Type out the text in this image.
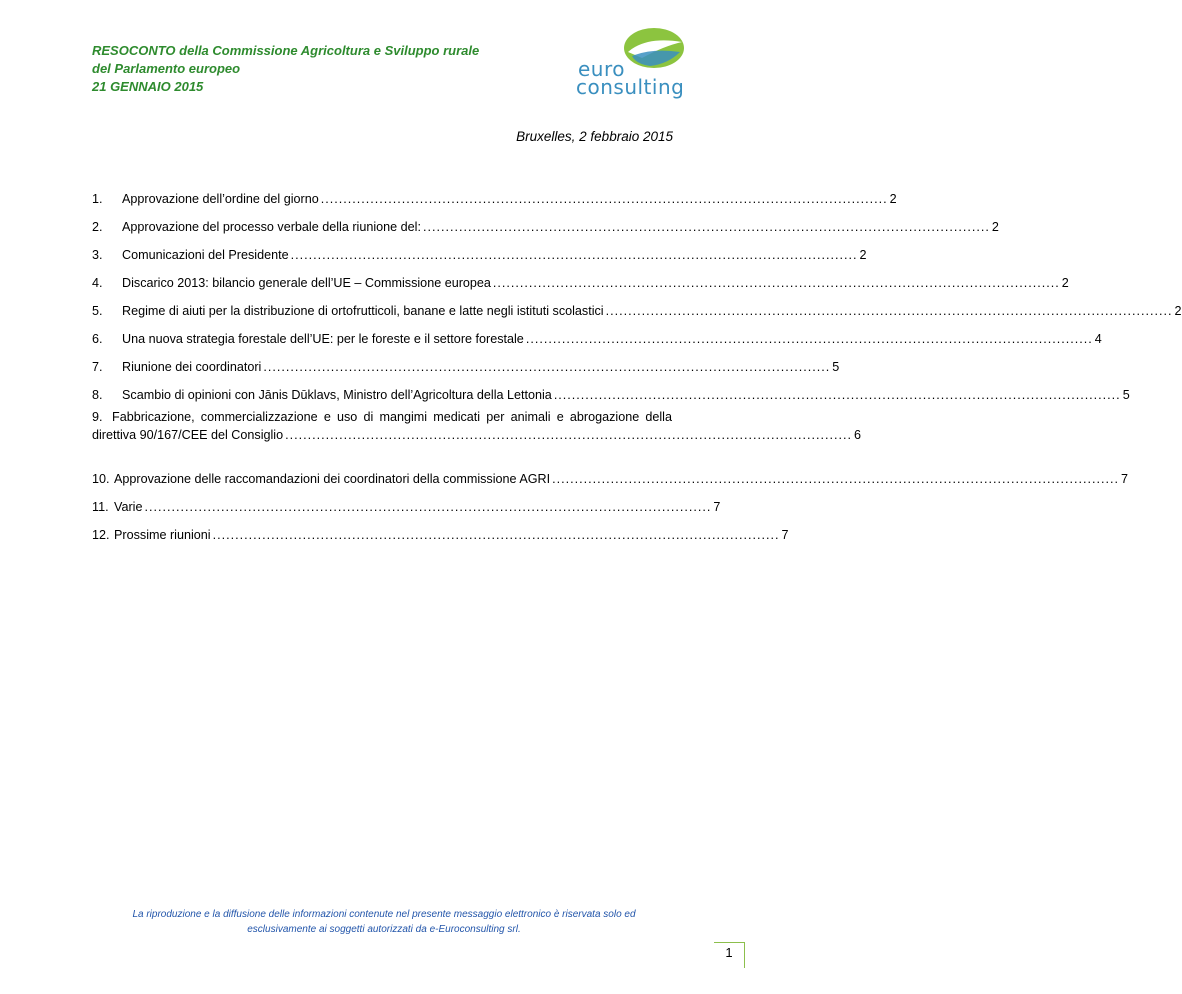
RESOCONTO della Commissione Agricoltura e Sviluppo rurale
del Parlamento europeo
21 GENNAIO 2015
euro
consulting
Bruxelles, 2 febbraio 2015
1.	Approvazione dell’ordine del giorno .............................................................................................................................. 2
2.	Approvazione del processo verbale della riunione del: .............................................................................................................................. 2
3.	Comunicazioni del Presidente .............................................................................................................................. 2
4.	Discarico 2013: bilancio generale dell’UE – Commissione europea .............................................................................................................................. 2
5.	Regime di aiuti per la distribuzione di ortofrutticoli, banane e latte negli istituti scolastici .............................................................................................................................. 2
6.	Una nuova strategia forestale dell’UE: per le foreste e il settore forestale .............................................................................................................................. 4
7.	Riunione dei coordinatori .............................................................................................................................. 5
8.	Scambio di opinioni con Jānis Dūklavs, Ministro dell’Agricoltura della Lettonia .............................................................................................................................. 5
9. Fabbricazione, commercializzazione e uso di mangimi medicati per animali e abrogazione della
direttiva 90/167/CEE del Consiglio .............................................................................................................................. 6
10. Approvazione delle raccomandazioni dei coordinatori della commissione AGRI .............................................................................................................................. 7
11. Varie .............................................................................................................................. 7
12. Prossime riunioni .............................................................................................................................. 7
La riproduzione e la diffusione delle informazioni contenute nel presente messaggio elettronico è riservata solo ed
esclusivamente ai soggetti autorizzati da e-Euroconsulting srl.
1
